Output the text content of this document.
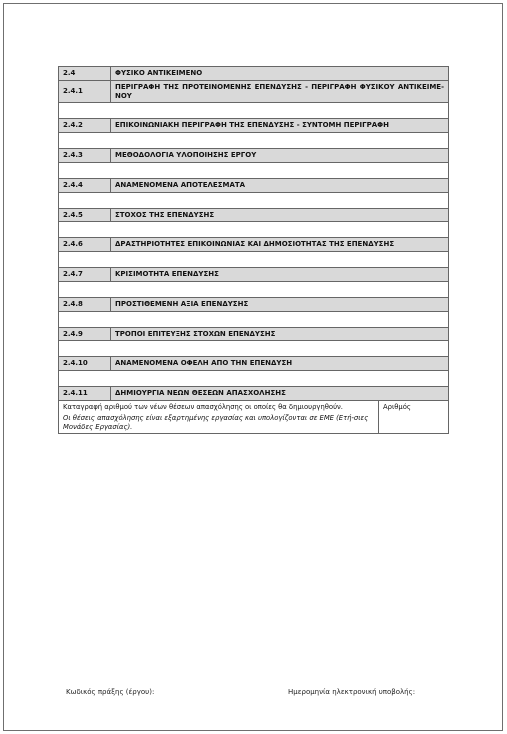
2.4	ΦΥΣΙΚΟ ΑΝΤΙΚΕΙΜΕΝΟ	
2.4.1	ΠΕΡΙΓΡΑΦΗ ΤΗΣ ΠΡΟΤΕΙΝΟΜΕΝΗΣ ΕΠΕΝΔΥΣΗΣ - ΠΕΡΙΓΡΑΦΗ ΦΥΣΙΚΟΥ ΑΝΤΙΚΕΙΜΕ-ΝΟΥ	

2.4.2	ΕΠΙΚΟΙΝΩΝΙΑΚΗ ΠΕΡΙΓΡΑΦΗ ΤΗΣ ΕΠΕΝΔΥΣΗΣ - ΣΥΝΤΟΜΗ ΠΕΡΙΓΡΑΦΗ	

2.4.3	ΜΕΘΟΔΟΛΟΓΙΑ ΥΛΟΠΟΙΗΣΗΣ ΕΡΓΟΥ	

2.4.4	ΑΝΑΜΕΝΟΜΕΝΑ ΑΠΟΤΕΛΕΣΜΑΤΑ	

2.4.5	ΣΤΟΧΟΣ ΤΗΣ ΕΠΕΝΔΥΣΗΣ	

2.4.6	ΔΡΑΣΤΗΡΙΟΤΗΤΕΣ ΕΠΙΚΟΙΝΩΝΙΑΣ ΚΑΙ ΔΗΜΟΣΙΟΤΗΤΑΣ ΤΗΣ ΕΠΕΝΔΥΣΗΣ	

2.4.7	ΚΡΙΣΙΜΟΤΗΤΑ ΕΠΕΝΔΥΣΗΣ	

2.4.8	ΠΡΟΣΤΙΘΕΜΕΝΗ ΑΞΙΑ ΕΠΕΝΔΥΣΗΣ	

2.4.9	ΤΡΟΠΟΙ ΕΠΙΤΕΥΞΗΣ ΣΤΟΧΩΝ ΕΠΕΝΔΥΣΗΣ	

2.4.10	ΑΝΑΜΕΝΟΜΕΝΑ ΟΦΕΛΗ ΑΠΟ ΤΗΝ ΕΠΕΝΔΥΣΗ	

2.4.11	ΔΗΜΙΟΥΡΓΙΑ ΝΕΩΝ ΘΕΣΕΩΝ ΑΠΑΣΧΟΛΗΣΗΣ	
Καταγραφή αριθμού των νέων θέσεων απασχόλησης οι οποίες θα δημιουργηθούν.
Οι θέσεις απασχόλησης είναι εξαρτημένης εργασίας και υπολογίζονται σε ΕΜΕ (Ετή-σιες Μονάδες Εργασίας).		Αριθμός
Κωδικός πράξης (έργου):	Ημερομηνία ηλεκτρονική υποβολής:
